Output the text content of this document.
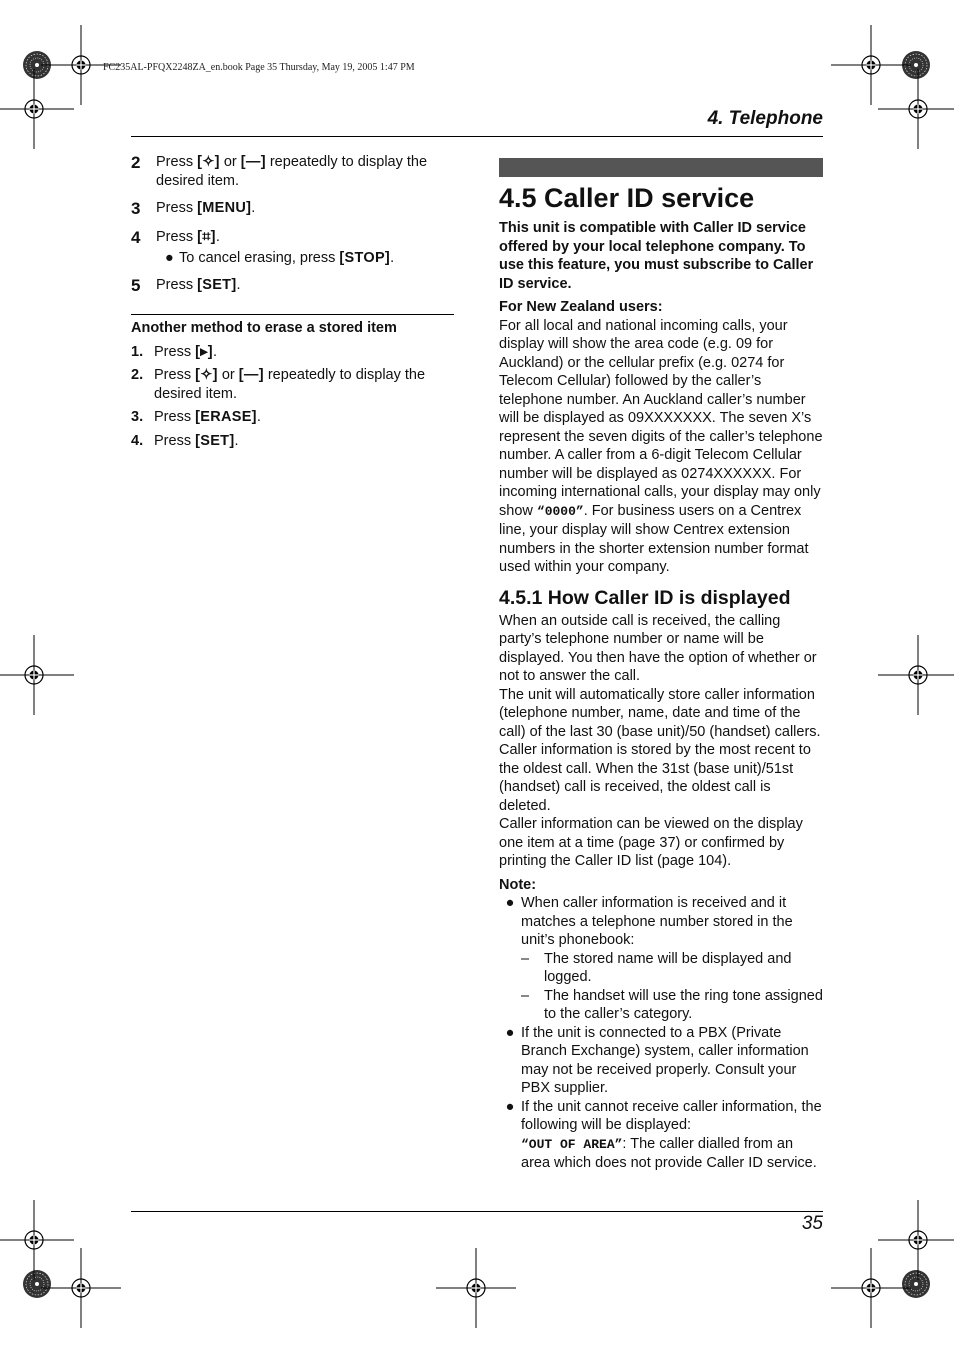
FC235AL-PFQX2248ZA_en.book Page 35 Thursday, May 19, 2005 1:47 PM
4. Telephone
2	Press [✧] or [—] repeatedly to display the desired item.
3	Press [MENU].
4	Press [⌗].
● To cancel erasing, press [STOP].
5	Press [SET].
Another method to erase a stored item
1. Press [▸].
2. Press [✧] or [—] repeatedly to display the desired item.
3. Press [ERASE].
4. Press [SET].
4.5 Caller ID service
This unit is compatible with Caller ID service offered by your local telephone company. To use this feature, you must subscribe to Caller ID service.
For New Zealand users:
For all local and national incoming calls, your display will show the area code (e.g. 09 for Auckland) or the cellular prefix (e.g. 0274 for Telecom Cellular) followed by the caller’s telephone number. An Auckland caller’s number will be displayed as 09XXXXXXX. The seven X’s represent the seven digits of the caller’s telephone number. A caller from a 6-digit Telecom Cellular number will be displayed as 0274XXXXXX. For incoming international calls, your display may only show “0000”. For business users on a Centrex line, your display will show Centrex extension numbers in the shorter extension number format used within your company.
4.5.1 How Caller ID is displayed
When an outside call is received, the calling party’s telephone number or name will be displayed. You then have the option of whether or not to answer the call.
The unit will automatically store caller information (telephone number, name, date and time of the call) of the last 30 (base unit)/50 (handset) callers. Caller information is stored by the most recent to the oldest call. When the 31st (base unit)/51st (handset) call is received, the oldest call is deleted.
Caller information can be viewed on the display one item at a time (page 37) or confirmed by printing the Caller ID list (page 104).
Note:
● When caller information is received and it matches a telephone number stored in the unit’s phonebook:
–	The stored name will be displayed and logged.
–	The handset will use the ring tone assigned to the caller’s category.
● If the unit is connected to a PBX (Private Branch Exchange) system, caller information may not be received properly. Consult your PBX supplier.
● If the unit cannot receive caller information, the following will be displayed:
“OUT OF AREA”: The caller dialled from an area which does not provide Caller ID service.
35
